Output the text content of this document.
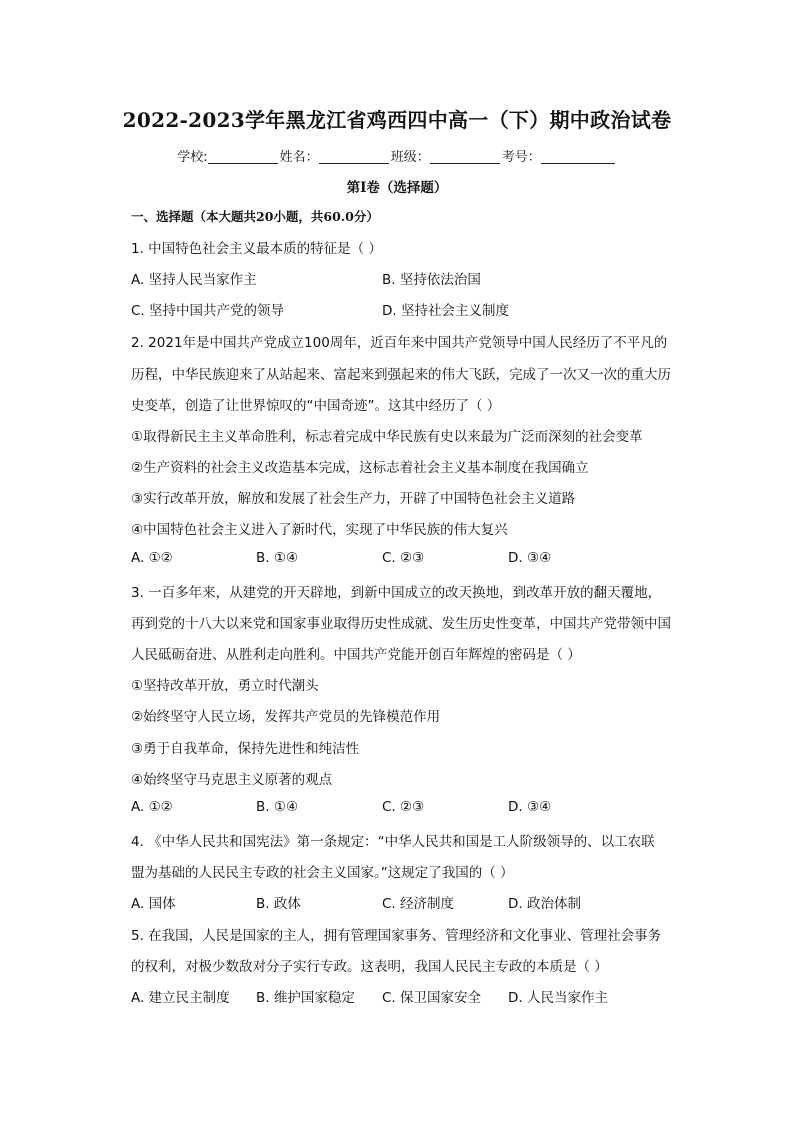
2022-2023学年黑龙江省鸡西四中高一（下）期中政治试卷
学校:	姓名：	班级：	考号：
第I卷（选择题）
一、选择题（本大题共20小题，共60.0分）
1. 中国特色社会主义最本质的特征是（ ）
A. 坚持人民当家作主	B. 坚持依法治国
C. 坚持中国共产党的领导	D. 坚持社会主义制度
2. 2021年是中国共产党成立100周年，近百年来中国共产党领导中国人民经历了不平凡的
历程，中华民族迎来了从站起来、富起来到强起来的伟大飞跃，完成了一次又一次的重大历
史变革，创造了让世界惊叹的“中国奇迹”。这其中经历了（ ）
①取得新民主主义革命胜利，标志着完成中华民族有史以来最为广泛而深刻的社会变革
②生产资料的社会主义改造基本完成，这标志着社会主义基本制度在我国确立
③实行改革开放，解放和发展了社会生产力，开辟了中国特色社会主义道路
④中国特色社会主义进入了新时代，实现了中华民族的伟大复兴
A. ①②	B. ①④	C. ②③	D. ③④
3. 一百多年来，从建党的开天辟地，到新中国成立的改天换地，到改革开放的翻天覆地，
再到党的十八大以来党和国家事业取得历史性成就、发生历史性变革，中国共产党带领中国
人民砥砺奋进、从胜利走向胜利。中国共产党能开创百年辉煌的密码是（ ）
①坚持改革开放，勇立时代潮头
②始终坚守人民立场，发挥共产党员的先锋模范作用
③勇于自我革命，保持先进性和纯洁性
④始终坚守马克思主义原著的观点
A. ①②	B. ①④	C. ②③	D. ③④
4. 《中华人民共和国宪法》第一条规定：“中华人民共和国是工人阶级领导的、以工农联
盟为基础的人民民主专政的社会主义国家。”这规定了我国的（ ）
A. 国体	B. 政体	C. 经济制度	D. 政治体制
5. 在我国，人民是国家的主人，拥有管理国家事务、管理经济和文化事业、管理社会事务
的权利，对极少数敌对分子实行专政。这表明，我国人民民主专政的本质是（ ）
A. 建立民主制度 B. 维护国家稳定 C. 保卫国家安全 D. 人民当家作主
